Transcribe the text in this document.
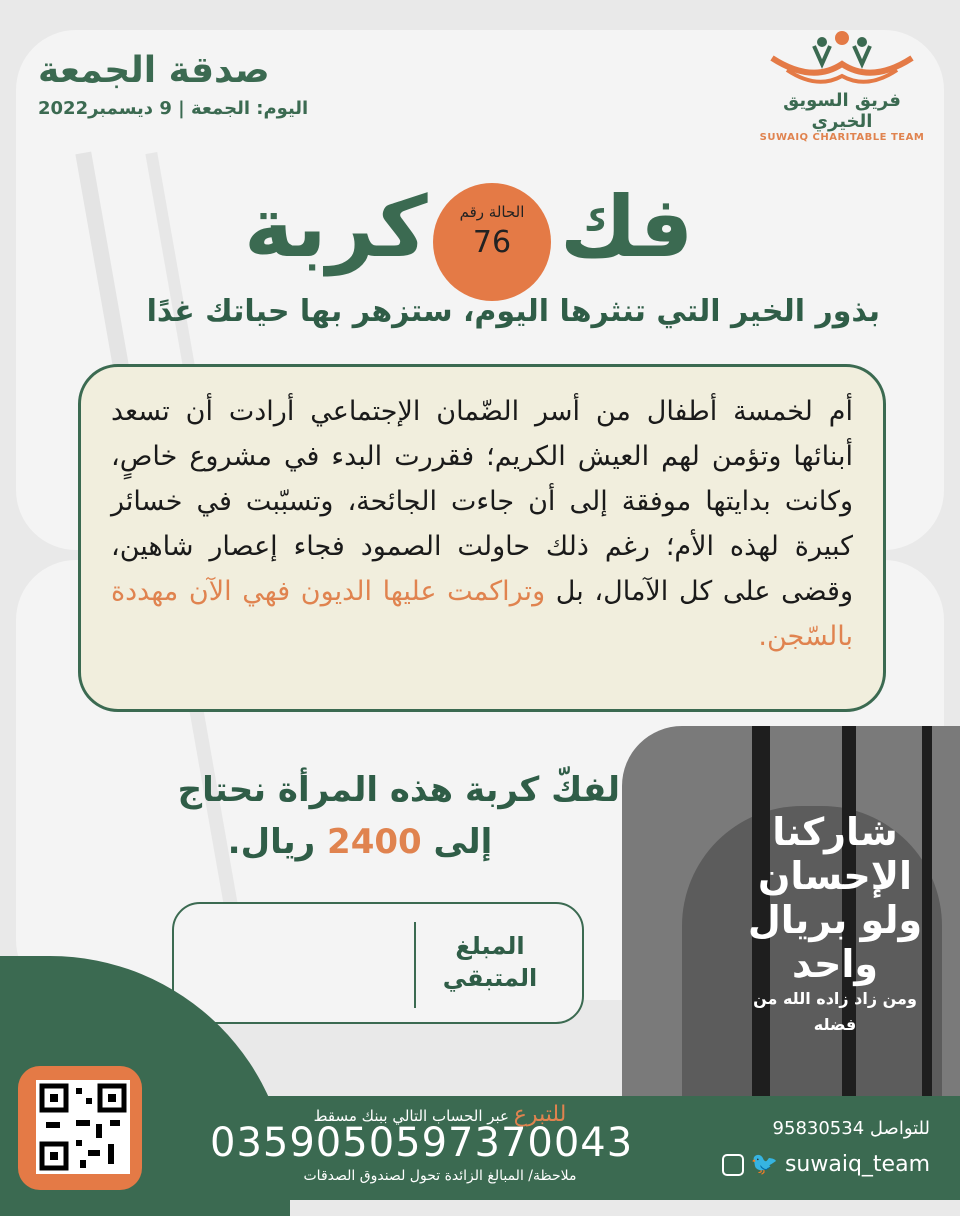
فريق السويق الخيري
SUWAIQ CHARITABLE TEAM
صدقة الجمعة
اليوم: الجمعة | 9 ديسمبر2022
فك
كربة	الحالة رقم
76
بذور الخير التي تنثرها اليوم، ستزهر بها حياتك غدًا
أم لخمسة أطفال من أسر الضّمان الإجتماعي أرادت أن تسعد أبنائها وتؤمن لهم العيش الكريم؛ فقررت البدء في مشروع خاصٍ، وكانت بدايتها موفقة إلى أن جاءت الجائحة، وتسبّبت في خسائر كبيرة لهذه الأم؛ رغم ذلك حاولت الصمود فجاء إعصار شاهين، وقضى على كل الآمال، بل وتراكمت عليها الديون فهي الآن مهددة بالسّجن.
لفكّ كربة هذه المرأة نحتاج
إلى 2400 ريال.
المبلغ المتبقي
شاركنا الإحسان ولو بريال واحد
ومن زاد زاده الله من فضله
للتبرع عبر الحساب التالي ببنك مسقط
0359050597370043
ملاحظة/ المبالغ الزائدة تحول لصندوق الصدقات
للتواصل 95830534
🐦 suwaiq_team
